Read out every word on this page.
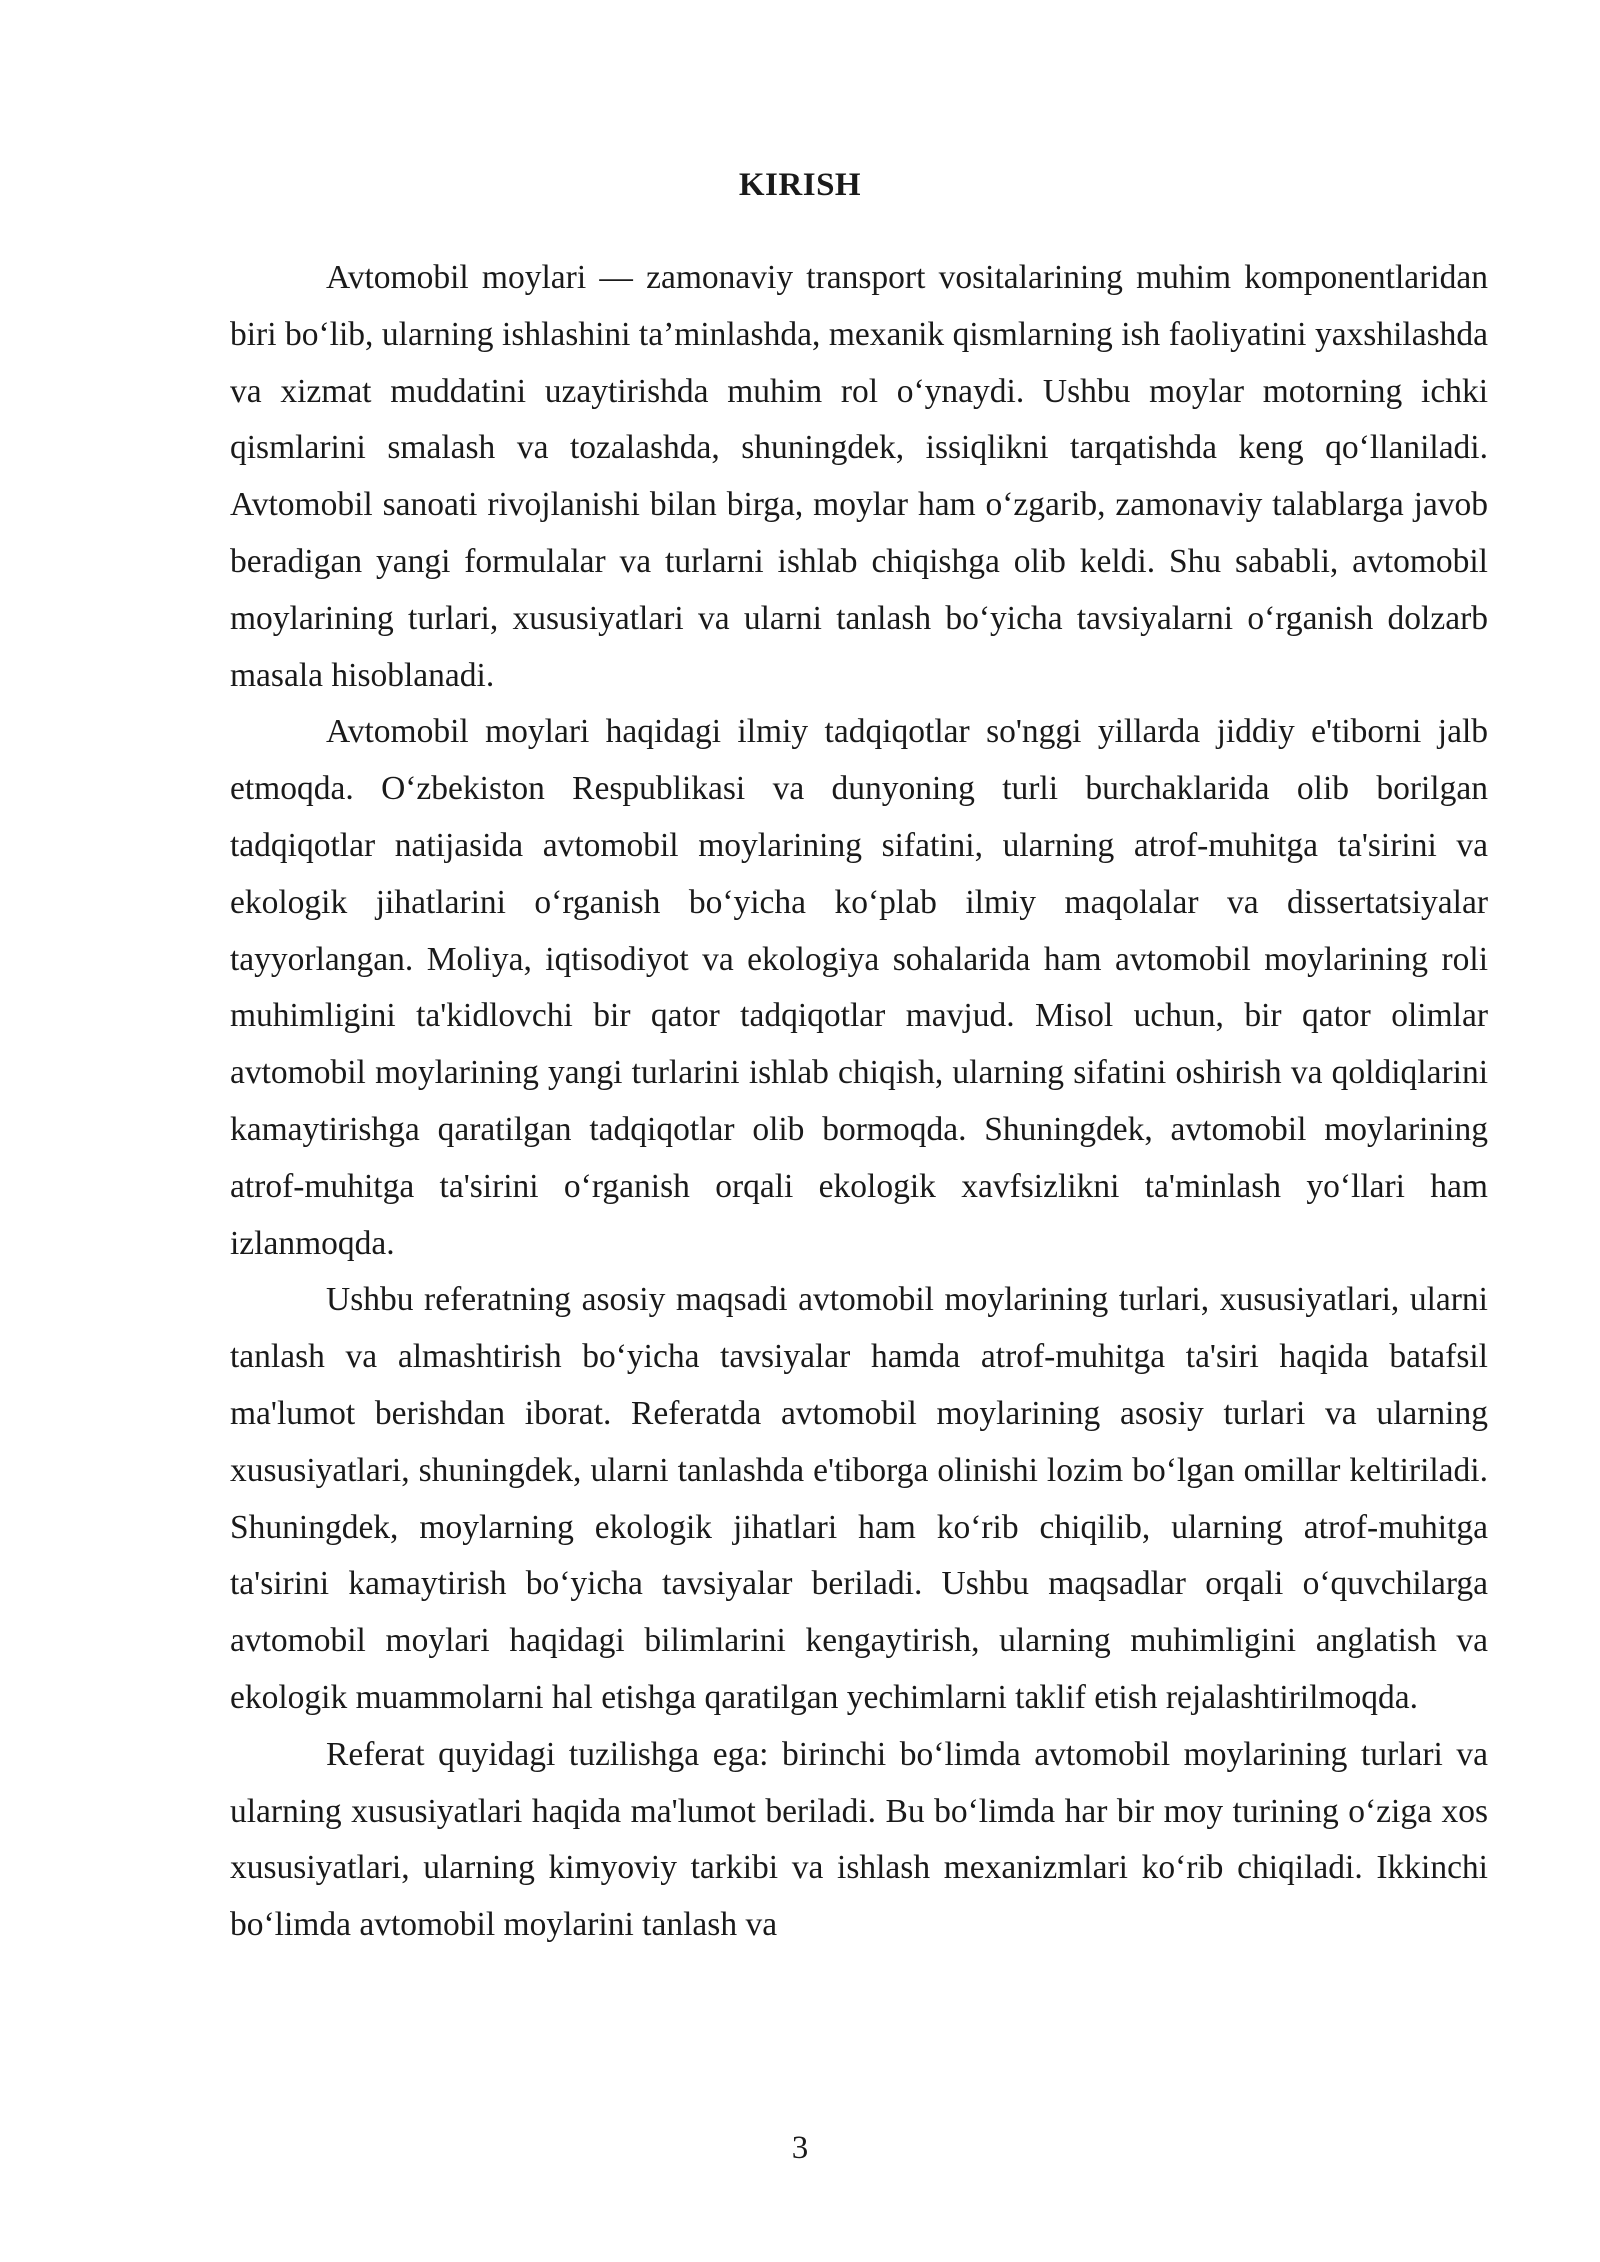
KIRISH

Avtomobil moylari — zamonaviy transport vositalarining muhim komponentlaridan biri bo‘lib, ularning ishlashini ta’minlashda, mexanik qismlarning ish faoliyatini yaxshilashda va xizmat muddatini uzaytirishda muhim rol o‘ynaydi. Ushbu moylar motorning ichki qismlarini smalash va tozalashda, shuningdek, issiqlikni tarqatishda keng qo‘llaniladi. Avtomobil sanoati rivojlanishi bilan birga, moylar ham o‘zgarib, zamonaviy talablarga javob beradigan yangi formulalar va turlarni ishlab chiqishga olib keldi. Shu sababli, avtomobil moylarining turlari, xususiyatlari va ularni tanlash bo‘yicha tavsiyalarni o‘rganish dolzarb masala hisoblanadi.

Avtomobil moylari haqidagi ilmiy tadqiqotlar so'nggi yillarda jiddiy e'tiborni jalb etmoqda. O‘zbekiston Respublikasi va dunyoning turli burchaklarida olib borilgan tadqiqotlar natijasida avtomobil moylarining sifatini, ularning atrof-muhitga ta'sirini va ekologik jihatlarini o‘rganish bo‘yicha ko‘plab ilmiy maqolalar va dissertatsiyalar tayyorlangan. Moliya, iqtisodiyot va ekologiya sohalarida ham avtomobil moylarining roli muhimligini ta'kidlovchi bir qator tadqiqotlar mavjud. Misol uchun, bir qator olimlar avtomobil moylarining yangi turlarini ishlab chiqish, ularning sifatini oshirish va qoldiqlarini kamaytirishga qaratilgan tadqiqotlar olib bormoqda. Shuningdek, avtomobil moylarining atrof-muhitga ta'sirini o‘rganish orqali ekologik xavfsizlikni ta'minlash yo‘llari ham izlanmoqda.

Ushbu referatning asosiy maqsadi avtomobil moylarining turlari, xususiyatlari, ularni tanlash va almashtirish bo‘yicha tavsiyalar hamda atrof-muhitga ta'siri haqida batafsil ma'lumot berishdan iborat. Referatda avtomobil moylarining asosiy turlari va ularning xususiyatlari, shuningdek, ularni tanlashda e'tiborga olinishi lozim bo‘lgan omillar keltiriladi. Shuningdek, moylarning ekologik jihatlari ham ko‘rib chiqilib, ularning atrof-muhitga ta'sirini kamaytirish bo‘yicha tavsiyalar beriladi. Ushbu maqsadlar orqali o‘quvchilarga avtomobil moylari haqidagi bilimlarini kengaytirish, ularning muhimligini anglatish va ekologik muammolarni hal etishga qaratilgan yechimlarni taklif etish rejalashtirilmoqda.

Referat quyidagi tuzilishga ega: birinchi bo‘limda avtomobil moylarining turlari va ularning xususiyatlari haqida ma'lumot beriladi. Bu bo‘limda har bir moy turining o‘ziga xos xususiyatlari, ularning kimyoviy tarkibi va ishlash mexanizmlari ko‘rib chiqiladi. Ikkinchi bo‘limda avtomobil moylarini tanlash va

3
